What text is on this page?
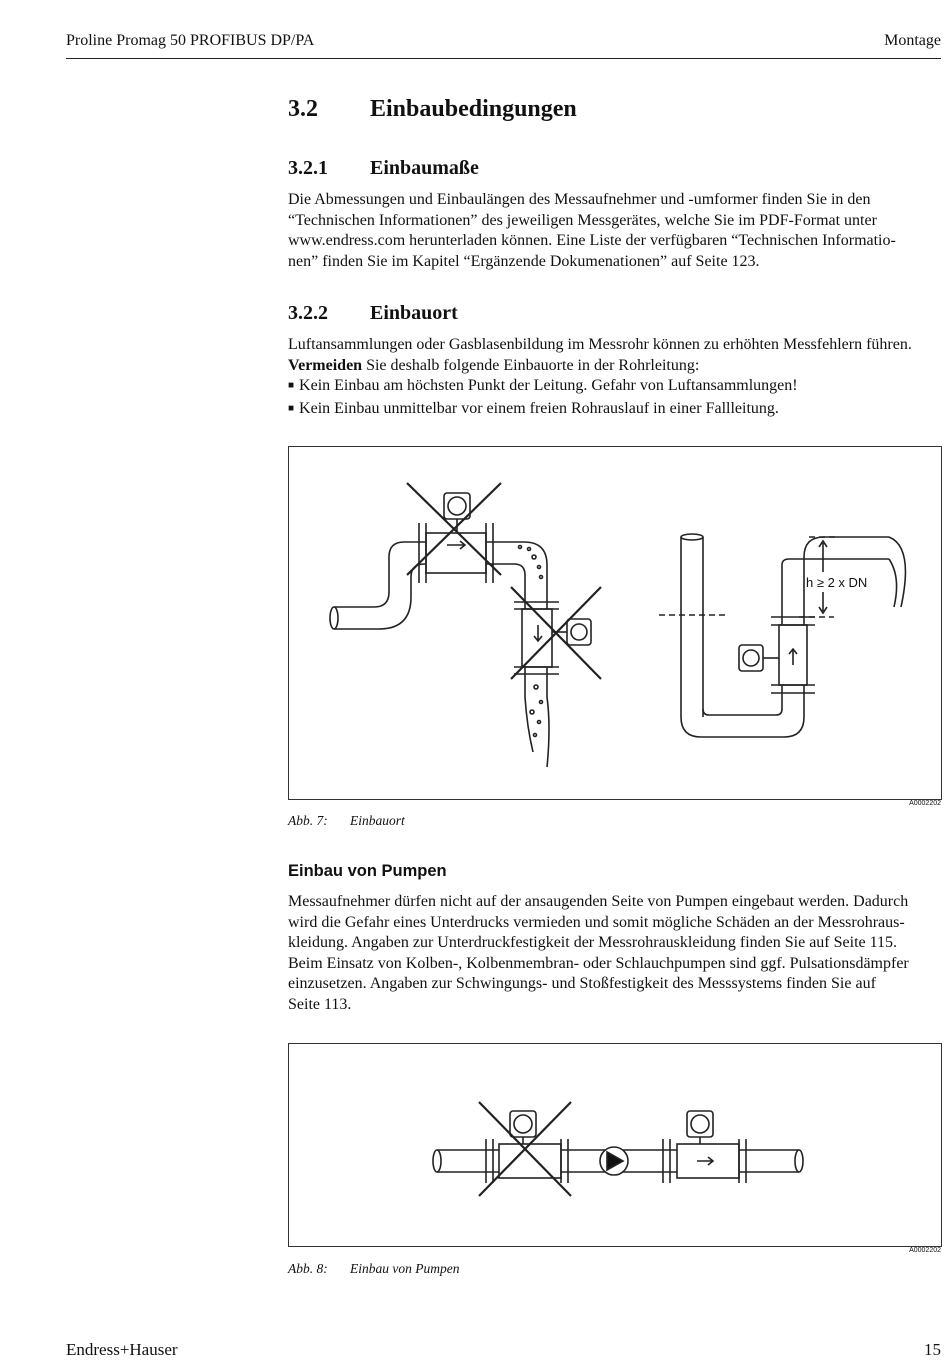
Proline Promag 50 PROFIBUS DP/PA	Montage
3.2 Einbaubedingungen
3.2.1 Einbaumaße

Die Abmessungen und Einbaulängen des Messaufnehmer und -umformer finden Sie in den
“Technischen Informationen” des jeweiligen Messgerätes, welche Sie im PDF-Format unter
www.endress.com herunterladen können. Eine Liste der verfügbaren “Technischen Informatio-
nen” finden Sie im Kapitel “Ergänzende Dokumenationen” auf Seite 123.

3.2.2 Einbauort

Luftansammlungen oder Gasblasenbildung im Messrohr können zu erhöhten Messfehlern führen.
Vermeiden Sie deshalb folgende Einbauorte in der Rohrleitung:
■ Kein Einbau am höchsten Punkt der Leitung. Gefahr von Luftansammlungen!
■ Kein Einbau unmittelbar vor einem freien Rohrauslauf in einer Fallleitung.

h ≥ 2 x DN
A0002202
Abb. 7: Einbauort
Einbau von Pumpen

Messaufnehmer dürfen nicht auf der ansaugenden Seite von Pumpen eingebaut werden. Dadurch
wird die Gefahr eines Unterdrucks vermieden und somit mögliche Schäden an der Messrohraus-
kleidung. Angaben zur Unterdruckfestigkeit der Messrohrauskleidung finden Sie auf Seite 115.
Beim Einsatz von Kolben-, Kolbenmembran- oder Schlauchpumpen sind ggf. Pulsationsdämpfer
einzusetzen. Angaben zur Schwingungs- und Stoßfestigkeit des Messsystems finden Sie auf
Seite 113.

A0002202
Abb. 8: Einbau von Pumpen
Endress+Hauser	15
